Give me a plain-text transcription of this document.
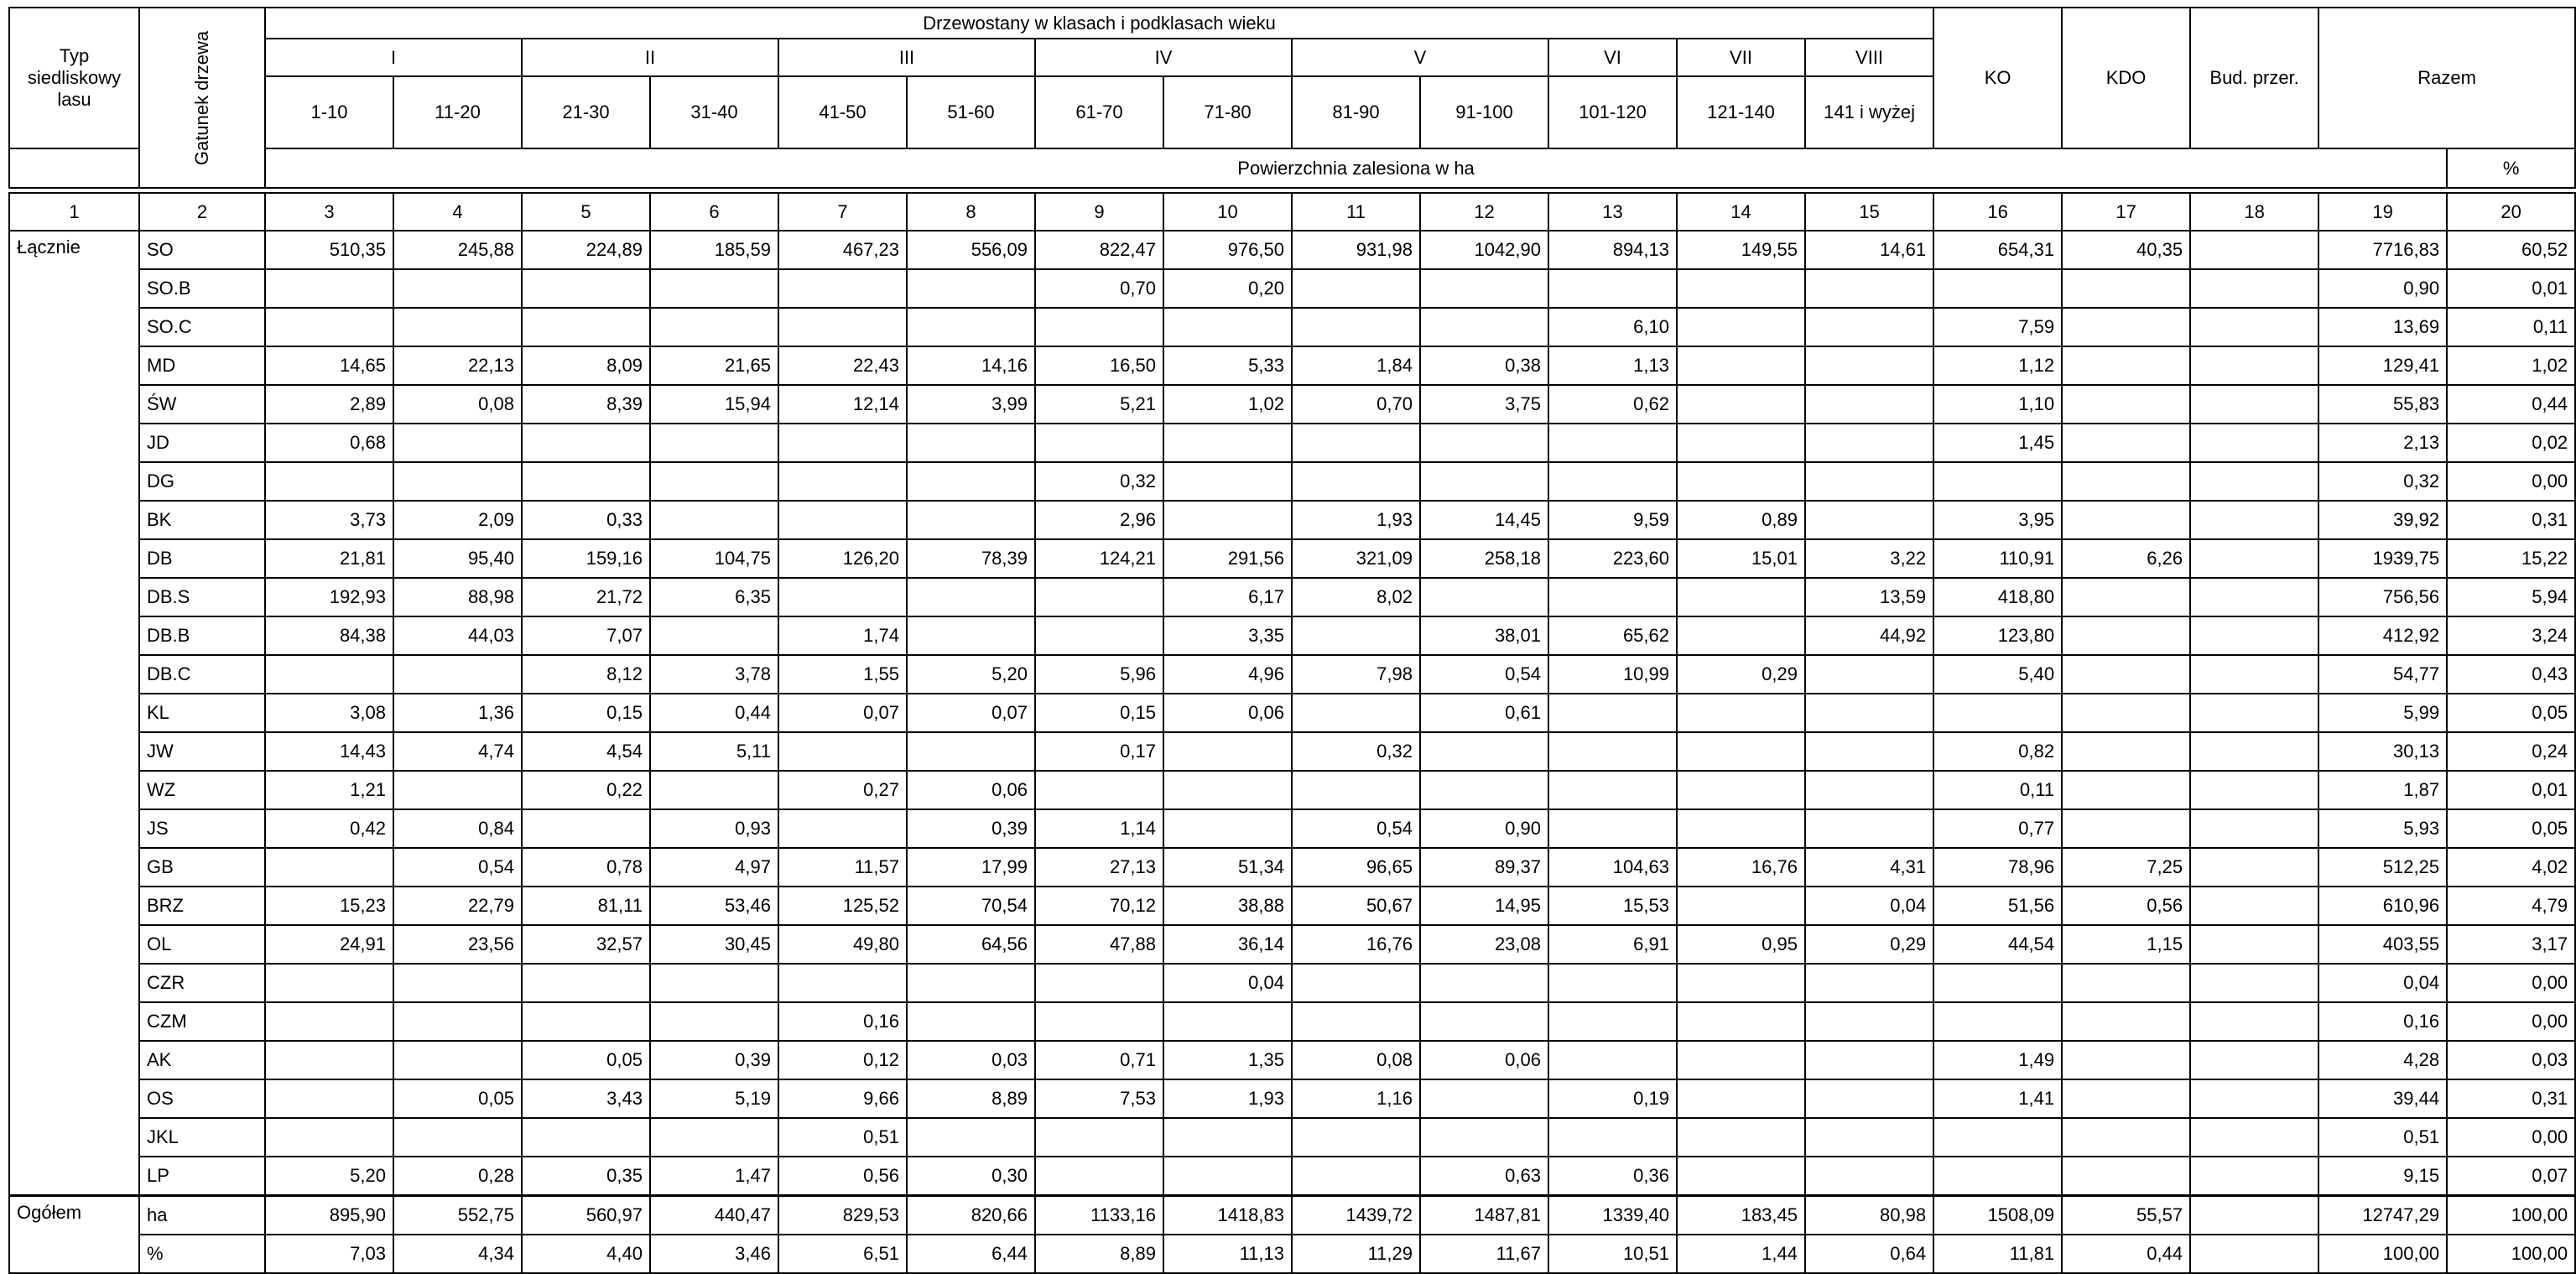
Typ siedliskowy lasu	Gatunek drzewa	Drzewostany w klasach i podklasach wieku													KO	KDO	Bud. przer.	Razem	
		I		II		III		IV		V		VI	VII	VIII					
		1-10	11-20	21-30	31-40	41-50	51-60	61-70	71-80	81-90	91-100	101-120	121-140	141 i wyżej					
		Powierzchnia zalesiona w ha																	%

1	2	3	4	5	6	7	8	9	10	11	12	13	14	15	16	17	18	19	20
Łącznie	SO	510,35	245,88	224,89	185,59	467,23	556,09	822,47	976,50	931,98	1042,90	894,13	149,55	14,61	654,31	40,35		7716,83	60,52
	SO.B							0,70	0,20									0,90	0,01
	SO.C											6,10			7,59			13,69	0,11
	MD	14,65	22,13	8,09	21,65	22,43	14,16	16,50	5,33	1,84	0,38	1,13			1,12			129,41	1,02
	ŚW	2,89	0,08	8,39	15,94	12,14	3,99	5,21	1,02	0,70	3,75	0,62			1,10			55,83	0,44
	JD	0,68													1,45			2,13	0,02
	DG							0,32										0,32	0,00
	BK	3,73	2,09	0,33				2,96		1,93	14,45	9,59	0,89		3,95			39,92	0,31
	DB	21,81	95,40	159,16	104,75	126,20	78,39	124,21	291,56	321,09	258,18	223,60	15,01	3,22	110,91	6,26		1939,75	15,22
	DB.S	192,93	88,98	21,72	6,35				6,17	8,02				13,59	418,80			756,56	5,94
	DB.B	84,38	44,03	7,07		1,74			3,35		38,01	65,62		44,92	123,80			412,92	3,24
	DB.C			8,12	3,78	1,55	5,20	5,96	4,96	7,98	0,54	10,99	0,29		5,40			54,77	0,43
	KL	3,08	1,36	0,15	0,44	0,07	0,07	0,15	0,06		0,61							5,99	0,05
	JW	14,43	4,74	4,54	5,11			0,17		0,32					0,82			30,13	0,24
	WZ	1,21		0,22		0,27	0,06								0,11			1,87	0,01
	JS	0,42	0,84		0,93		0,39	1,14		0,54	0,90				0,77			5,93	0,05
	GB		0,54	0,78	4,97	11,57	17,99	27,13	51,34	96,65	89,37	104,63	16,76	4,31	78,96	7,25		512,25	4,02
	BRZ	15,23	22,79	81,11	53,46	125,52	70,54	70,12	38,88	50,67	14,95	15,53		0,04	51,56	0,56		610,96	4,79
	OL	24,91	23,56	32,57	30,45	49,80	64,56	47,88	36,14	16,76	23,08	6,91	0,95	0,29	44,54	1,15		403,55	3,17
	CZR								0,04									0,04	0,00
	CZM					0,16												0,16	0,00
	AK			0,05	0,39	0,12	0,03	0,71	1,35	0,08	0,06				1,49			4,28	0,03
	OS		0,05	3,43	5,19	9,66	8,89	7,53	1,93	1,16		0,19			1,41			39,44	0,31
	JKL					0,51												0,51	0,00
	LP	5,20	0,28	0,35	1,47	0,56	0,30				0,63	0,36						9,15	0,07
Ogółem	ha	895,90	552,75	560,97	440,47	829,53	820,66	1133,16	1418,83	1439,72	1487,81	1339,40	183,45	80,98	1508,09	55,57		12747,29	100,00
	%	7,03	4,34	4,40	3,46	6,51	6,44	8,89	11,13	11,29	11,67	10,51	1,44	0,64	11,81	0,44		100,00	100,00
